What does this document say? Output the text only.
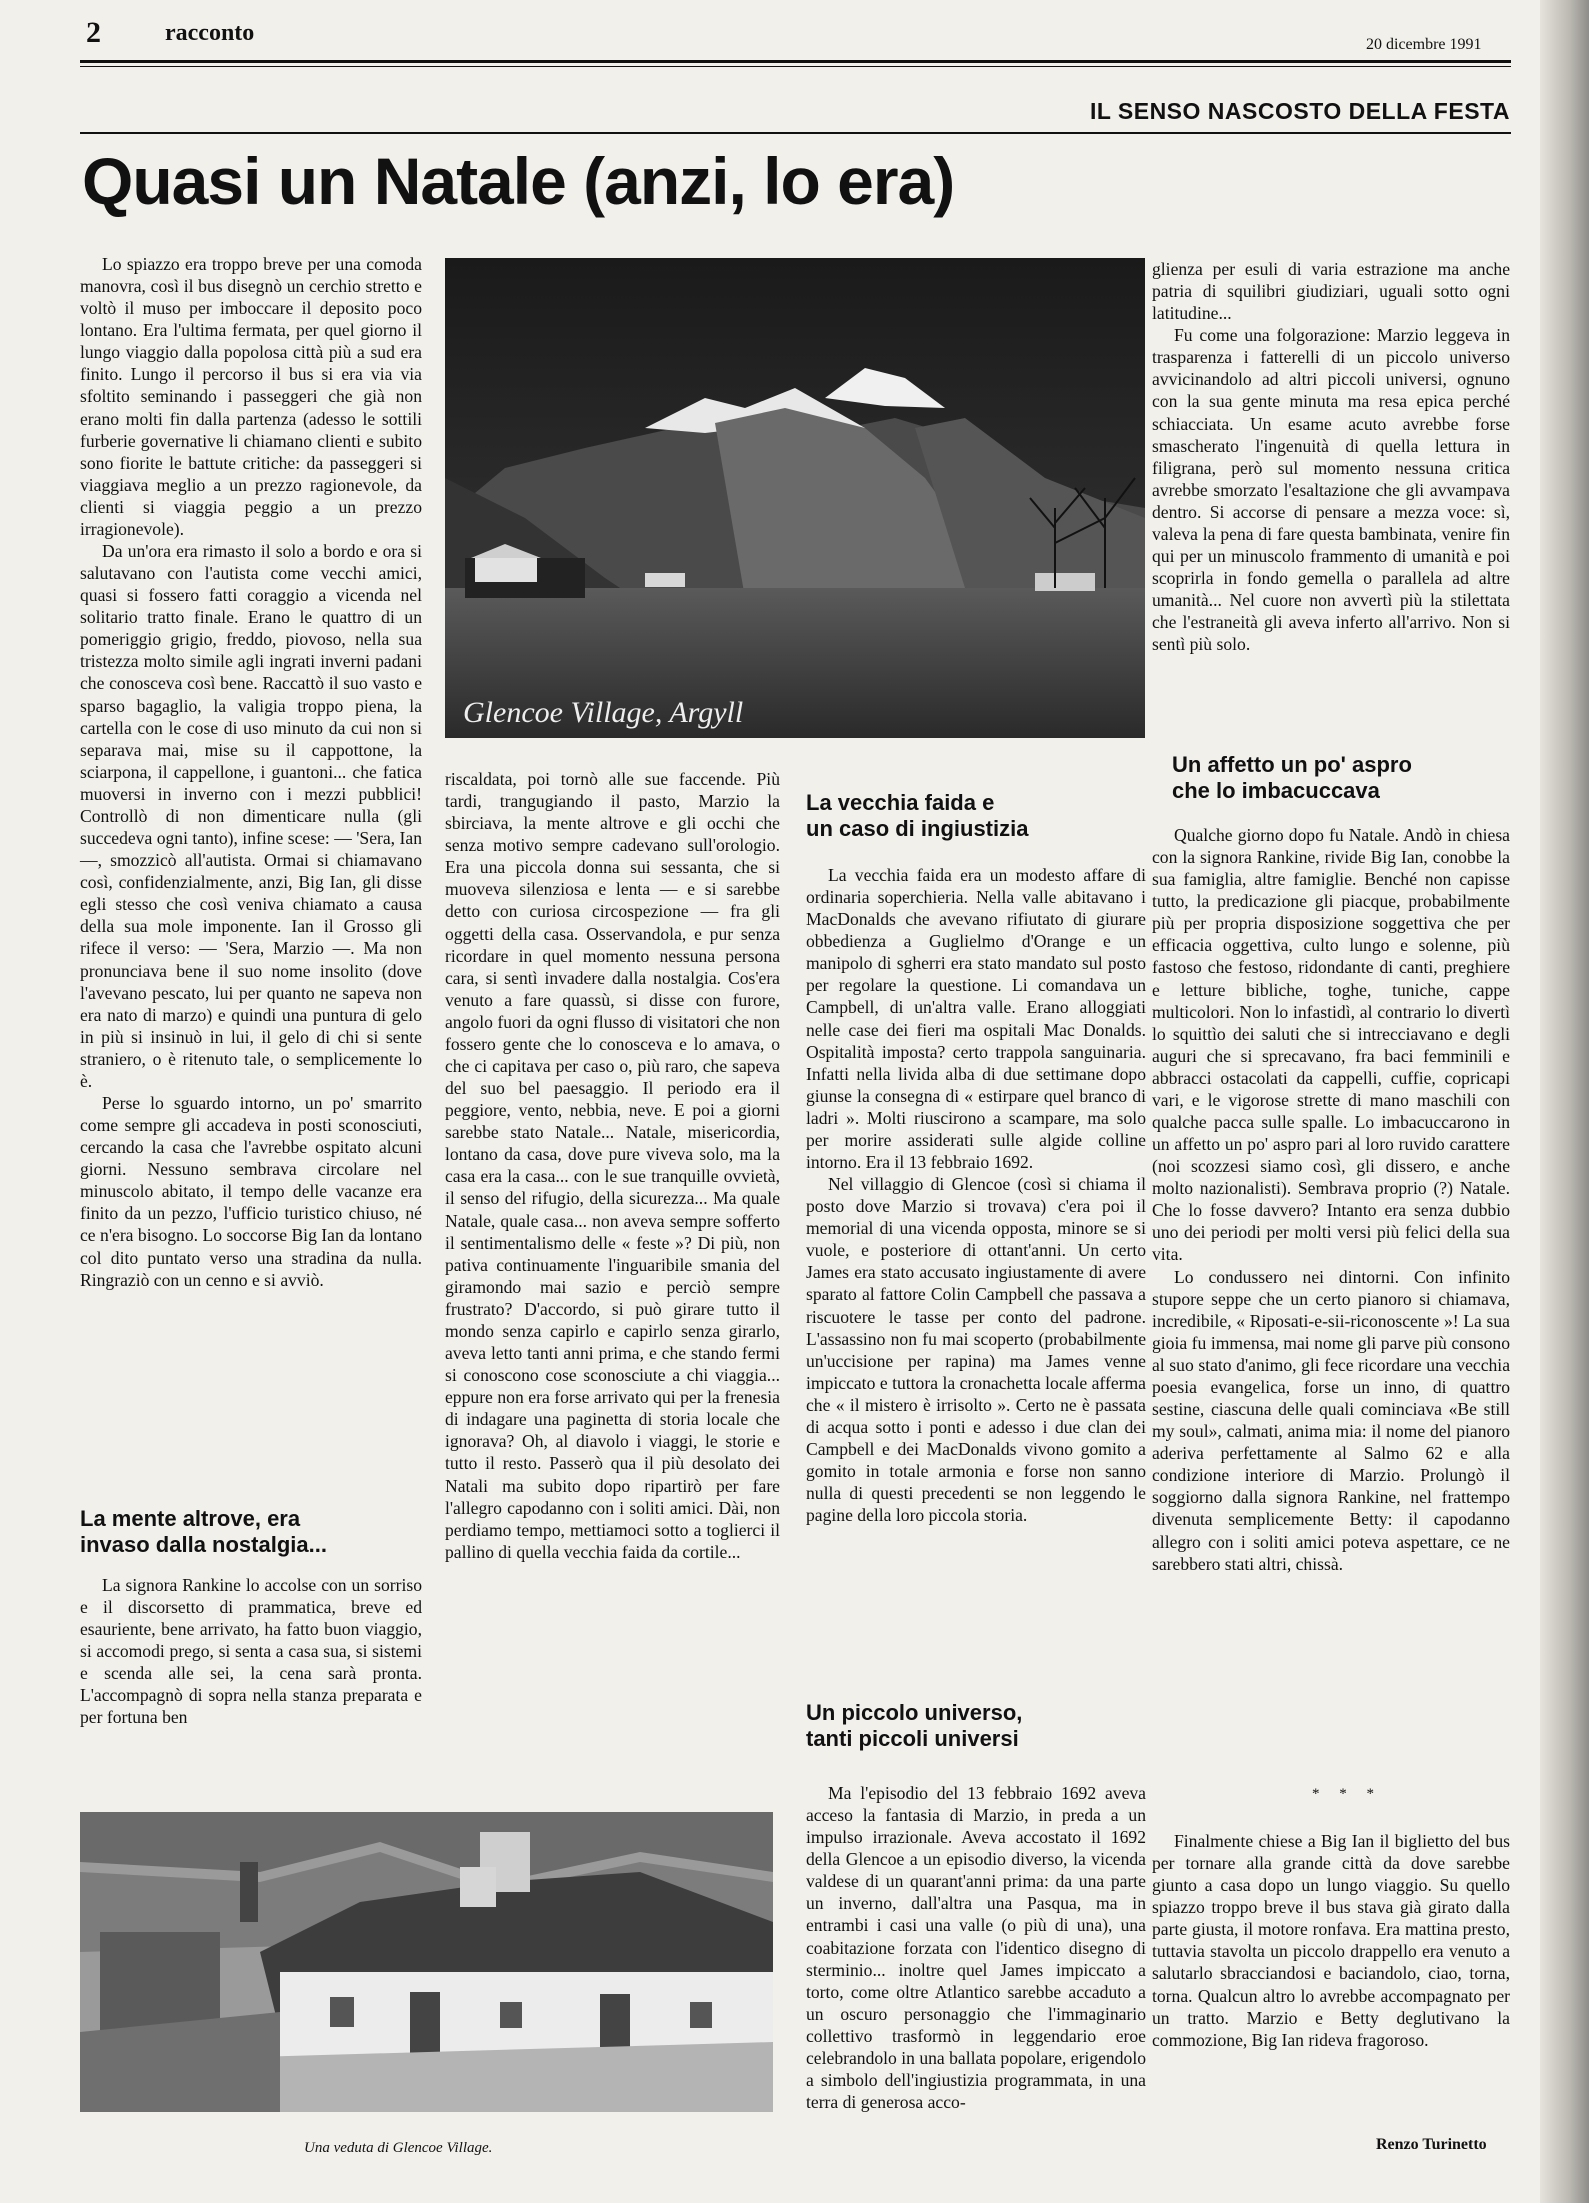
2	racconto	20 dicembre 1991
IL SENSO NASCOSTO DELLA FESTA
Quasi un Natale (anzi, lo era)

Lo spiazzo era troppo breve per una comoda manovra, così il bus disegnò un cerchio stretto e voltò il muso per imboccare il deposito poco lontano. Era l'ultima fermata, per quel giorno il lungo viaggio dalla popolosa città più a sud era finito. Lungo il percorso il bus si era via via sfoltito seminando i passeggeri che già non erano molti fin dalla partenza (adesso le sottili furberie governative li chiamano clienti e subito sono fiorite le battute critiche: da passeggeri si viaggiava meglio a un prezzo ragionevole, da clienti si viaggia peggio a un prezzo irragionevole).

Da un'ora era rimasto il solo a bordo e ora si salutavano con l'autista come vecchi amici, quasi si fossero fatti coraggio a vicenda nel solitario tratto finale. Erano le quattro di un pomeriggio grigio, freddo, piovoso, nella sua tristezza molto simile agli ingrati inverni padani che conosceva così bene. Raccattò il suo vasto e sparso bagaglio, la valigia troppo piena, la cartella con le cose di uso minuto da cui non si separava mai, mise su il cappottone, la sciarpona, il cappellone, i guantoni... che fatica muoversi in inverno con i mezzi pubblici! Controllò di non dimenticare nulla (gli succedeva ogni tanto), infine scese: — 'Sera, Ian —, smozzicò all'autista. Ormai si chiamavano così, confidenzialmente, anzi, Big Ian, gli disse egli stesso che così veniva chiamato a causa della sua mole imponente. Ian il Grosso gli rifece il verso: — 'Sera, Marzio —. Ma non pronunciava bene il suo nome insolito (dove l'avevano pescato, lui per quanto ne sapeva non era nato di marzo) e quindi una puntura di gelo in più si insinuò in lui, il gelo di chi si sente straniero, o è ritenuto tale, o semplicemente lo è.

Perse lo sguardo intorno, un po' smarrito come sempre gli accadeva in posti sconosciuti, cercando la casa che l'avrebbe ospitato alcuni giorni. Nessuno sembrava circolare nel minuscolo abitato, il tempo delle vacanze era finito da un pezzo, l'ufficio turistico chiuso, né ce n'era bisogno. Lo soccorse Big Ian da lontano col dito puntato verso una stradina da nulla. Ringraziò con un cenno e si avviò.

La mente altrove, era
invaso dalla nostalgia...

La signora Rankine lo accolse con un sorriso e il discorsetto di prammatica, breve ed esauriente, bene arrivato, ha fatto buon viaggio, si accomodi prego, si senta a casa sua, si sistemi e scenda alle sei, la cena sarà pronta. L'accompagnò di sopra nella stanza preparata e per fortuna ben

Glencoe Village, Argyll

riscaldata, poi tornò alle sue faccende. Più tardi, trangugiando il pasto, Marzio la sbirciava, la mente altrove e gli occhi che senza motivo sempre cadevano sull'orologio. Era una piccola donna sui sessanta, che si muoveva silenziosa e lenta — e si sarebbe detto con curiosa circospezione — fra gli oggetti della casa. Osservandola, e pur senza ricordare in quel momento nessuna persona cara, si sentì invadere dalla nostalgia. Cos'era venuto a fare quassù, si disse con furore, angolo fuori da ogni flusso di visitatori che non fossero gente che lo conosceva e lo amava, o che ci capitava per caso o, più raro, che sapeva del suo bel paesaggio. Il periodo era il peggiore, vento, nebbia, neve. E poi a giorni sarebbe stato Natale... Natale, misericordia, lontano da casa, dove pure viveva solo, ma la casa era la casa... con le sue tranquille ovvietà, il senso del rifugio, della sicurezza... Ma quale Natale, quale casa... non aveva sempre sofferto il sentimentalismo delle « feste »? Di più, non pativa continuamente l'inguaribile smania del giramondo mai sazio e perciò sempre frustrato? D'accordo, si può girare tutto il mondo senza capirlo e capirlo senza girarlo, aveva letto tanti anni prima, e che stando fermi si conoscono cose sconosciute a chi viaggia... eppure non era forse arrivato qui per la frenesia di indagare una paginetta di storia locale che ignorava? Oh, al diavolo i viaggi, le storie e tutto il resto. Passerò qua il più desolato dei Natali ma subito dopo ripartirò per fare l'allegro capodanno con i soliti amici. Dài, non perdiamo tempo, mettiamoci sotto a toglierci il pallino di quella vecchia faida da cortile...

La vecchia faida e
un caso di ingiustizia

La vecchia faida era un modesto affare di ordinaria soperchieria. Nella valle abitavano i MacDonalds che avevano rifiutato di giurare obbedienza a Guglielmo d'Orange e un manipolo di sgherri era stato mandato sul posto per regolare la questione. Li comandava un Campbell, di un'altra valle. Erano alloggiati nelle case dei fieri ma ospitali Mac Donalds. Ospitalità imposta? certo trappola sanguinaria. Infatti nella livida alba di due settimane dopo giunse la consegna di « estirpare quel branco di ladri ». Molti riuscirono a scampare, ma solo per morire assiderati sulle algide colline intorno. Era il 13 febbraio 1692.

Nel villaggio di Glencoe (così si chiama il posto dove Marzio si trovava) c'era poi il memorial di una vicenda opposta, minore se si vuole, e posteriore di ottant'anni. Un certo James era stato accusato ingiustamente di avere sparato al fattore Colin Campbell che passava a riscuotere le tasse per conto del padrone. L'assassino non fu mai scoperto (probabilmente un'uccisione per rapina) ma James venne impiccato e tuttora la cronachetta locale afferma che « il mistero è irrisolto ». Certo ne è passata di acqua sotto i ponti e adesso i due clan dei Campbell e dei MacDonalds vivono gomito a gomito in totale armonia e forse non sanno nulla di questi precedenti se non leggendo le pagine della loro piccola storia.

Un piccolo universo,
tanti piccoli universi

Ma l'episodio del 13 febbraio 1692 aveva acceso la fantasia di Marzio, in preda a un impulso irrazionale. Aveva accostato il 1692 della Glencoe a un episodio diverso, la vicenda valdese di un quarant'anni prima: da una parte un inverno, dall'altra una Pasqua, ma in entrambi i casi una valle (o più di una), una coabitazione forzata con l'identico disegno di sterminio... inoltre quel James impiccato a torto, come oltre Atlantico sarebbe accaduto a un oscuro personaggio che l'immaginario collettivo trasformò in leggendario eroe celebrandolo in una ballata popolare, erigendolo a simbolo dell'ingiustizia programmata, in una terra di generosa acco-

Una veduta di Glencoe Village.

glienza per esuli di varia estrazione ma anche patria di squilibri giudiziari, uguali sotto ogni latitudine...

Fu come una folgorazione: Marzio leggeva in trasparenza i fatterelli di un piccolo universo avvicinandolo ad altri piccoli universi, ognuno con la sua gente minuta ma resa epica perché schiacciata. Un esame acuto avrebbe forse smascherato l'ingenuità di quella lettura in filigrana, però sul momento nessuna critica avrebbe smorzato l'esaltazione che gli avvampava dentro. Si accorse di pensare a mezza voce: sì, valeva la pena di fare questa bambinata, venire fin qui per un minuscolo frammento di umanità e poi scoprirla in fondo gemella o parallela ad altre umanità... Nel cuore non avvertì più la stilettata che l'estraneità gli aveva inferto all'arrivo. Non si sentì più solo.

Un affetto un po' aspro
che lo imbacuccava

Qualche giorno dopo fu Natale. Andò in chiesa con la signora Rankine, rivide Big Ian, conobbe la sua famiglia, altre famiglie. Benché non capisse tutto, la predicazione gli piacque, probabilmente più per propria disposizione soggettiva che per efficacia oggettiva, culto lungo e solenne, più fastoso che festoso, ridondante di canti, preghiere e letture bibliche, toghe, tuniche, cappe multicolori. Non lo infastidì, al contrario lo divertì lo squittìo dei saluti che si intrecciavano e degli auguri che si sprecavano, fra baci femminili e abbracci ostacolati da cappelli, cuffie, copricapi vari, e le vigorose strette di mano maschili con qualche pacca sulle spalle. Lo imbacuccarono in un affetto un po' aspro pari al loro ruvido carattere (noi scozzesi siamo così, gli dissero, e anche molto nazionalisti). Sembrava proprio (?) Natale. Che lo fosse davvero? Intanto era senza dubbio uno dei periodi per molti versi più felici della sua vita.

Lo condussero nei dintorni. Con infinito stupore seppe che un certo pianoro si chiamava, incredibile, « Riposati-e-sii-riconoscente »! La sua gioia fu immensa, mai nome gli parve più consono al suo stato d'animo, gli fece ricordare una vecchia poesia evangelica, forse un inno, di quattro sestine, ciascuna delle quali cominciava «Be still my soul», calmati, anima mia: il nome del pianoro aderiva perfettamente al Salmo 62 e alla condizione interiore di Marzio. Prolungò il soggiorno dalla signora Rankine, nel frattempo divenuta semplicemente Betty: il capodanno allegro con i soliti amici poteva aspettare, ce ne sarebbero stati altri, chissà.

* * *

Finalmente chiese a Big Ian il biglietto del bus per tornare alla grande città da dove sarebbe giunto a casa dopo un lungo viaggio. Su quello spiazzo troppo breve il bus stava già girato dalla parte giusta, il motore ronfava. Era mattina presto, tuttavia stavolta un piccolo drappello era venuto a salutarlo sbracciandosi e baciandolo, ciao, torna, torna. Qualcun altro lo avrebbe accompagnato per un tratto. Marzio e Betty deglutivano la commozione, Big Ian rideva fragoroso.

Renzo Turinetto
